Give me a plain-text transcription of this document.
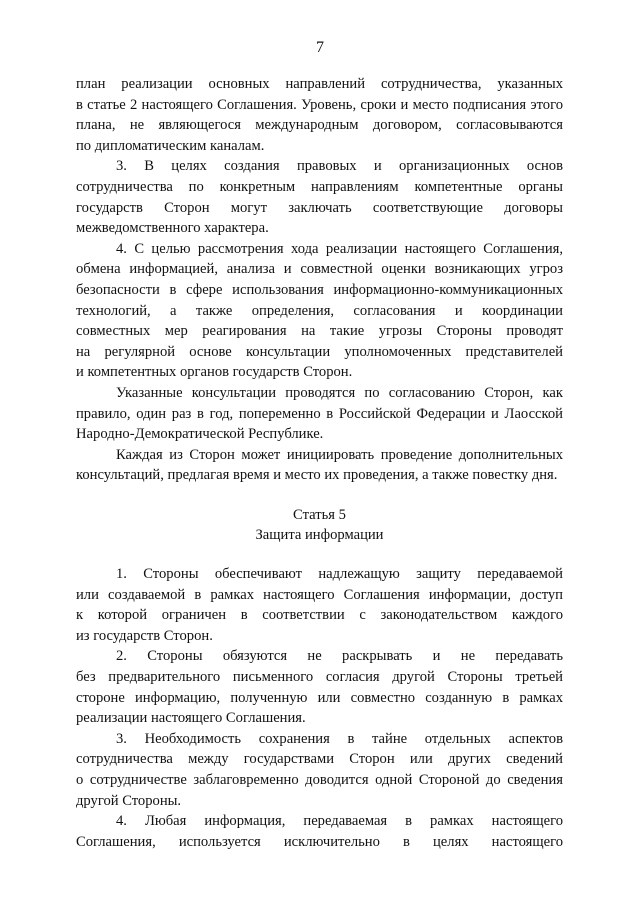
7

план реализации основных направлений сотрудничества, указанных
в статье 2 настоящего Соглашения. Уровень, сроки и место подписания этого
плана, не являющегося международным договором, согласовываются
по дипломатическим каналам.

3. В целях создания правовых и организационных основ
сотрудничества по конкретным направлениям компетентные органы
государств Сторон могут заключать соответствующие договоры
межведомственного характера.

4. С целью рассмотрения хода реализации настоящего Соглашения,
обмена информацией, анализа и совместной оценки возникающих угроз
безопасности в сфере использования информационно-коммуникационных
технологий, а также определения, согласования и координации
совместных мер реагирования на такие угрозы Стороны проводят
на регулярной основе консультации уполномоченных представителей
и компетентных органов государств Сторон.

Указанные консультации проводятся по согласованию Сторон, как
правило, один раз в год, попеременно в Российской Федерации и Лаосской
Народно-Демократической Республике.

Каждая из Сторон может инициировать проведение дополнительных
консультаций, предлагая время и место их проведения, а также повестку дня.

Статья 5
Защита информации

1. Стороны обеспечивают надлежащую защиту передаваемой
или создаваемой в рамках настоящего Соглашения информации, доступ
к которой ограничен в соответствии с законодательством каждого
из государств Сторон.

2. Стороны обязуются не раскрывать и не передавать
без предварительного письменного согласия другой Стороны третьей
стороне информацию, полученную или совместно созданную в рамках
реализации настоящего Соглашения.

3. Необходимость сохранения в тайне отдельных аспектов
сотрудничества между государствами Сторон или других сведений
о сотрудничестве заблаговременно доводится одной Стороной до сведения
другой Стороны.

4. Любая информация, передаваемая в рамках настоящего
Соглашения, используется исключительно в целях настоящего
